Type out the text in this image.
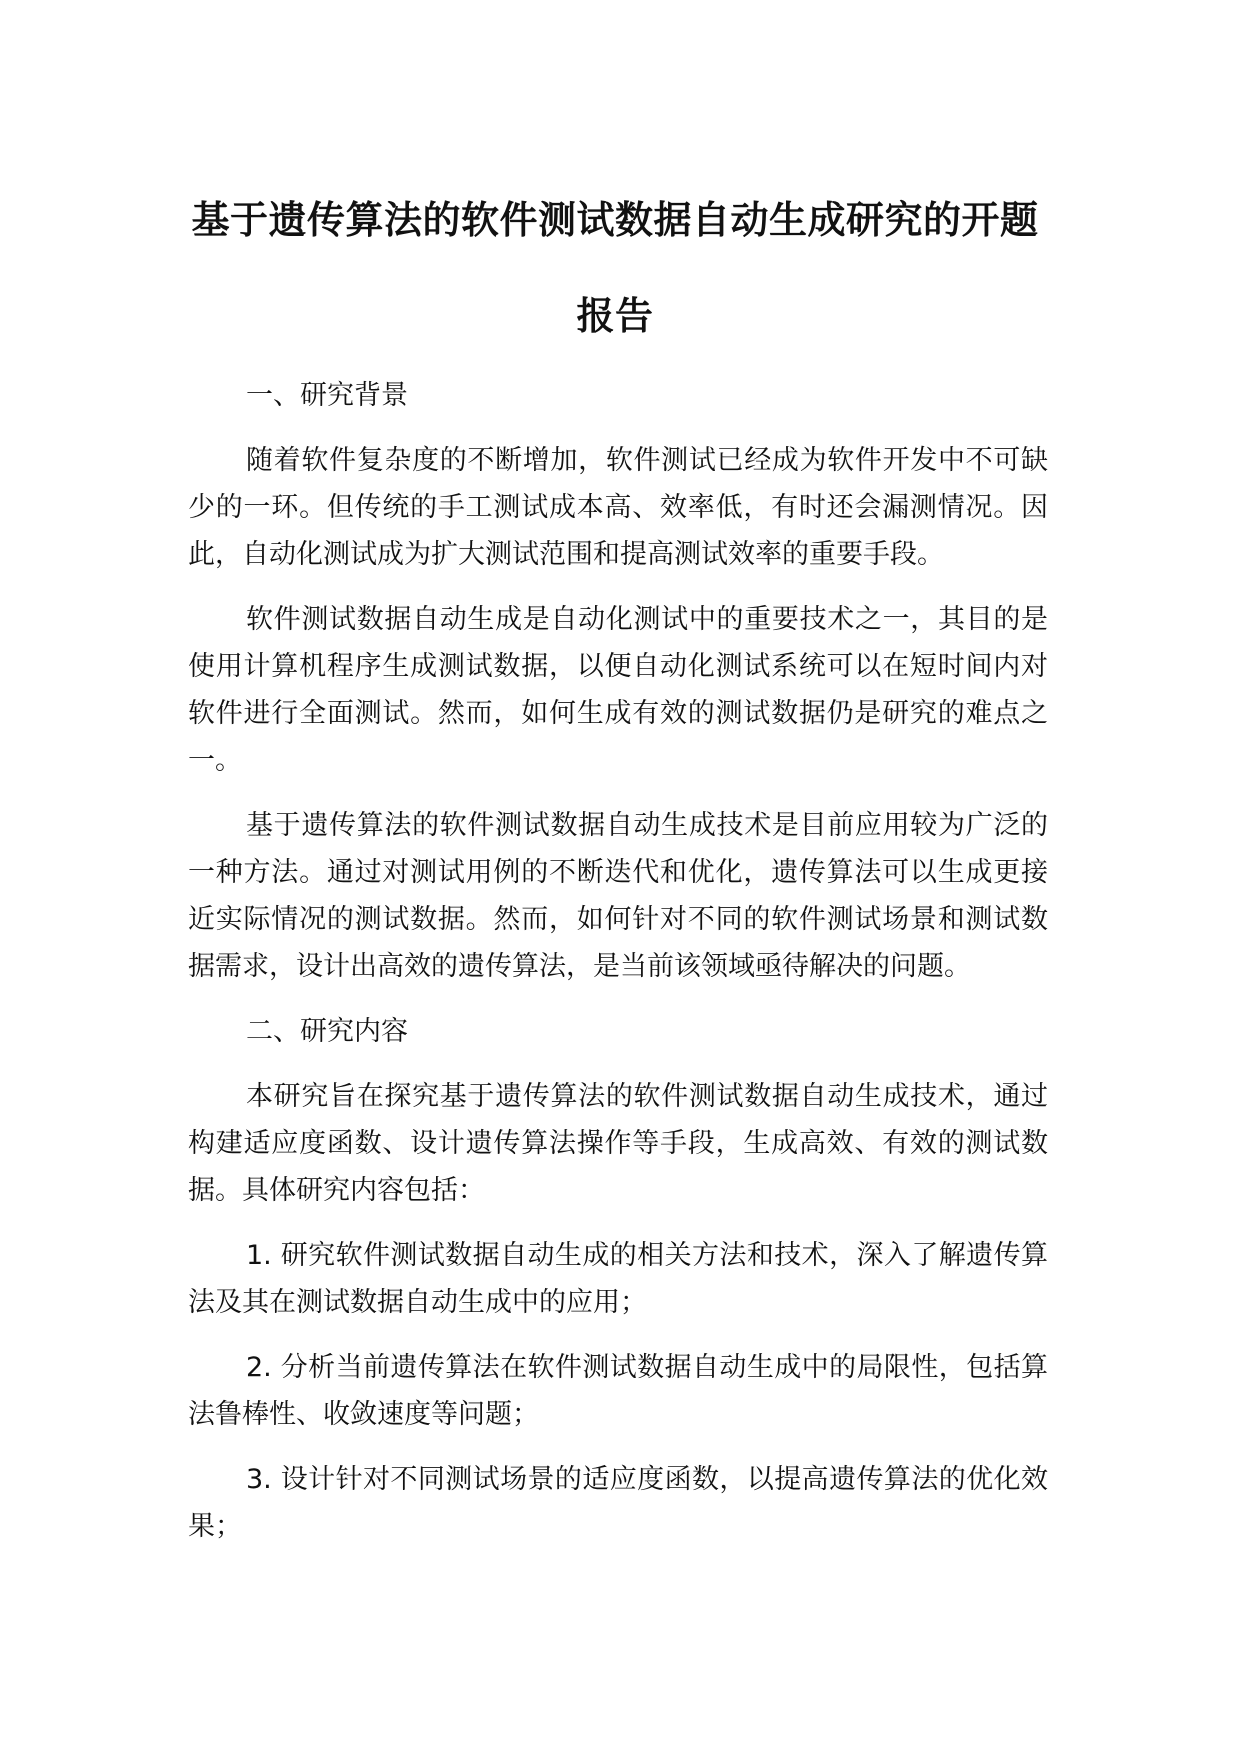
基于遗传算法的软件测试数据自动生成研究的开题
报告

一、研究背景

随着软件复杂度的不断增加，软件测试已经成为软件开发中不可缺少的一环。但传统的手工测试成本高、效率低，有时还会漏测情况。因此，自动化测试成为扩大测试范围和提高测试效率的重要手段。

软件测试数据自动生成是自动化测试中的重要技术之一，其目的是使用计算机程序生成测试数据，以便自动化测试系统可以在短时间内对软件进行全面测试。然而，如何生成有效的测试数据仍是研究的难点之一。

基于遗传算法的软件测试数据自动生成技术是目前应用较为广泛的一种方法。通过对测试用例的不断迭代和优化，遗传算法可以生成更接近实际情况的测试数据。然而，如何针对不同的软件测试场景和测试数据需求，设计出高效的遗传算法，是当前该领域亟待解决的问题。

二、研究内容

本研究旨在探究基于遗传算法的软件测试数据自动生成技术，通过构建适应度函数、设计遗传算法操作等手段，生成高效、有效的测试数据。具体研究内容包括：

1. 研究软件测试数据自动生成的相关方法和技术，深入了解遗传算法及其在测试数据自动生成中的应用；

2. 分析当前遗传算法在软件测试数据自动生成中的局限性，包括算法鲁棒性、收敛速度等问题；

3. 设计针对不同测试场景的适应度函数，以提高遗传算法的优化效果；
